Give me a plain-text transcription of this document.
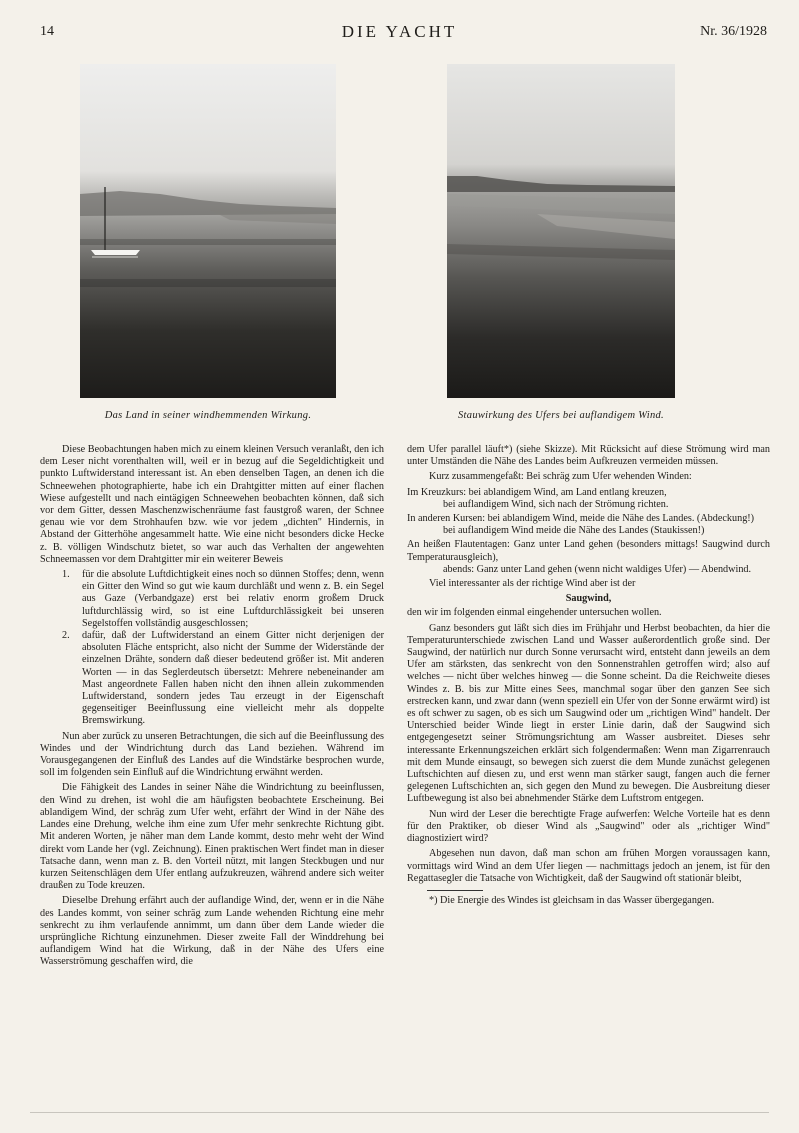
14	DIE YACHT	Nr. 36/1928
Das Land in seiner windhemmenden Wirkung.	Stauwirkung des Ufers bei auflandigem Wind.

Diese Beobachtungen haben mich zu einem kleinen Versuch veranlaßt, den ich dem Leser nicht vorenthalten will, weil er in bezug auf die Segeldichtigkeit und punkto Luftwiderstand interessant ist. An eben denselben Tagen, an denen ich die Schneewehen photographierte, habe ich ein Drahtgitter mitten auf einer flachen Wiese aufgestellt und nach eintägigen Schneewehen beobachten können, daß sich vor dem Gitter, dessen Maschenzwischenräume fast faustgroß waren, der Schnee genau wie vor dem Strohhaufen bzw. wie vor jedem „dichten" Hindernis, in Abstand der Gitterhöhe angesammelt hatte. Wie eine nicht besonders dicke Hecke z. B. völligen Windschutz bietet, so war auch das Verhalten der angewehten Schneemassen vor dem Drahtgitter mir ein weiterer Beweis

1.	für die absolute Luftdichtigkeit eines noch so dünnen Stoffes; denn, wenn ein Gitter den Wind so gut wie kaum durchläßt und wenn z. B. ein Segel aus Gaze (Verbandgaze) erst bei relativ enorm großem Druck luftdurchlässig wird, so ist eine Luftdurchlässigkeit bei unseren Segelstoffen vollständig ausgeschlossen;
2.	dafür, daß der Luftwiderstand an einem Gitter nicht derjenigen der absoluten Fläche entspricht, also nicht der Summe der Widerstände der einzelnen Drähte, sondern daß dieser bedeutend größer ist. Mit anderen Worten — in das Seglerdeutsch übersetzt: Mehrere nebeneinander am Mast angeordnete Fallen haben nicht den ihnen allein zukommenden Luftwiderstand, sondern jedes Tau erzeugt in der Eigenschaft gegenseitiger Beeinflussung eine vielleicht mehr als doppelte Bremswirkung.

Nun aber zurück zu unseren Betrachtungen, die sich auf die Beeinflussung des Windes und der Windrichtung durch das Land beziehen. Während im Vorausgegangenen der Einfluß des Landes auf die Windstärke besprochen wurde, soll im folgenden sein Einfluß auf die Windrichtung erwähnt werden.

Die Fähigkeit des Landes in seiner Nähe die Windrichtung zu beeinflussen, den Wind zu drehen, ist wohl die am häufigsten beobachtete Erscheinung. Bei ablandigem Wind, der schräg zum Ufer weht, erfährt der Wind in der Nähe des Landes eine Drehung, welche ihm eine zum Ufer mehr senkrechte Richtung gibt. Mit anderen Worten, je näher man dem Lande kommt, desto mehr weht der Wind direkt vom Lande her (vgl. Zeichnung). Einen praktischen Wert findet man in dieser Tatsache dann, wenn man z. B. den Vorteil nützt, mit langen Steckbugen und nur kurzen Seitenschlägen dem Ufer entlang aufzukreuzen, während andere sich weiter draußen zu Tode kreuzen.

Dieselbe Drehung erfährt auch der auflandige Wind, der, wenn er in die Nähe des Landes kommt, von seiner schräg zum Lande wehenden Richtung eine mehr senkrecht zu ihm verlaufende annimmt, um dann über dem Lande wieder die ursprüngliche Richtung einzunehmen. Dieser zweite Fall der Winddrehung bei auflandigem Wind hat die Wirkung, daß in der Nähe des Ufers eine Wasserströmung geschaffen wird, die

dem Ufer parallel läuft*) (siehe Skizze). Mit Rücksicht auf diese Strömung wird man unter Umständen die Nähe des Landes beim Aufkreuzen vermeiden müssen.

Kurz zusammengefaßt: Bei schräg zum Ufer wehenden Winden:

Im Kreuzkurs: bei ablandigem Wind, am Land entlang kreuzen,
bei auflandigem Wind, sich nach der Strömung richten.
In anderen Kursen: bei ablandigem Wind, meide die Nähe des Landes. (Abdeckung!)
bei auflandigem Wind meide die Nähe des Landes (Staukissen!)
An heißen Flautentagen: Ganz unter Land gehen (besonders mittags! Saugwind durch Temperaturausgleich),
abends: Ganz unter Land gehen (wenn nicht waldiges Ufer) — Abendwind.

Viel interessanter als der richtige Wind aber ist der

Saugwind,

den wir im folgenden einmal eingehender untersuchen wollen.

Ganz besonders gut läßt sich dies im Frühjahr und Herbst beobachten, da hier die Temperaturunterschiede zwischen Land und Wasser außerordentlich große sind. Der Saugwind, der natürlich nur durch Sonne verursacht wird, entsteht dann jeweils an dem Ufer am stärksten, das senkrecht von den Sonnenstrahlen getroffen wird; also auf welches — nicht über welches hinweg — die Sonne scheint. Da die Reichweite dieses Windes z. B. bis zur Mitte eines Sees, manchmal sogar über den ganzen See sich erstrecken kann, und zwar dann (wenn speziell ein Ufer von der Sonne erwärmt wird) ist es oft schwer zu sagen, ob es sich um Saugwind oder um „richtigen Wind" handelt. Der Unterschied beider Winde liegt in erster Linie darin, daß der Saugwind sich entgegengesetzt seiner Strömungsrichtung am Wasser ausbreitet. Dieses sehr interessante Erkennungszeichen erklärt sich folgendermaßen: Wenn man Zigarrenrauch mit dem Munde einsaugt, so bewegen sich zuerst die dem Munde zunächst gelegenen Luftschichten auf diesen zu, und erst wenn man stärker saugt, fangen auch die ferner gelegenen Luftschichten an, sich gegen den Mund zu bewegen. Die Ausbreitung dieser Luftbewegung ist also bei abnehmender Stärke dem Luftstrom entgegen.

Nun wird der Leser die berechtigte Frage aufwerfen: Welche Vorteile hat es denn für den Praktiker, ob dieser Wind als „Saugwind" oder als „richtiger Wind" diagnostiziert wird?

Abgesehen nun davon, daß man schon am frühen Morgen voraussagen kann, vormittags wird Wind an dem Ufer liegen — nachmittags jedoch an jenem, ist für den Regattasegler die Tatsache von Wichtigkeit, daß der Saugwind oft stationär bleibt,

*) Die Energie des Windes ist gleichsam in das Wasser übergegangen.
